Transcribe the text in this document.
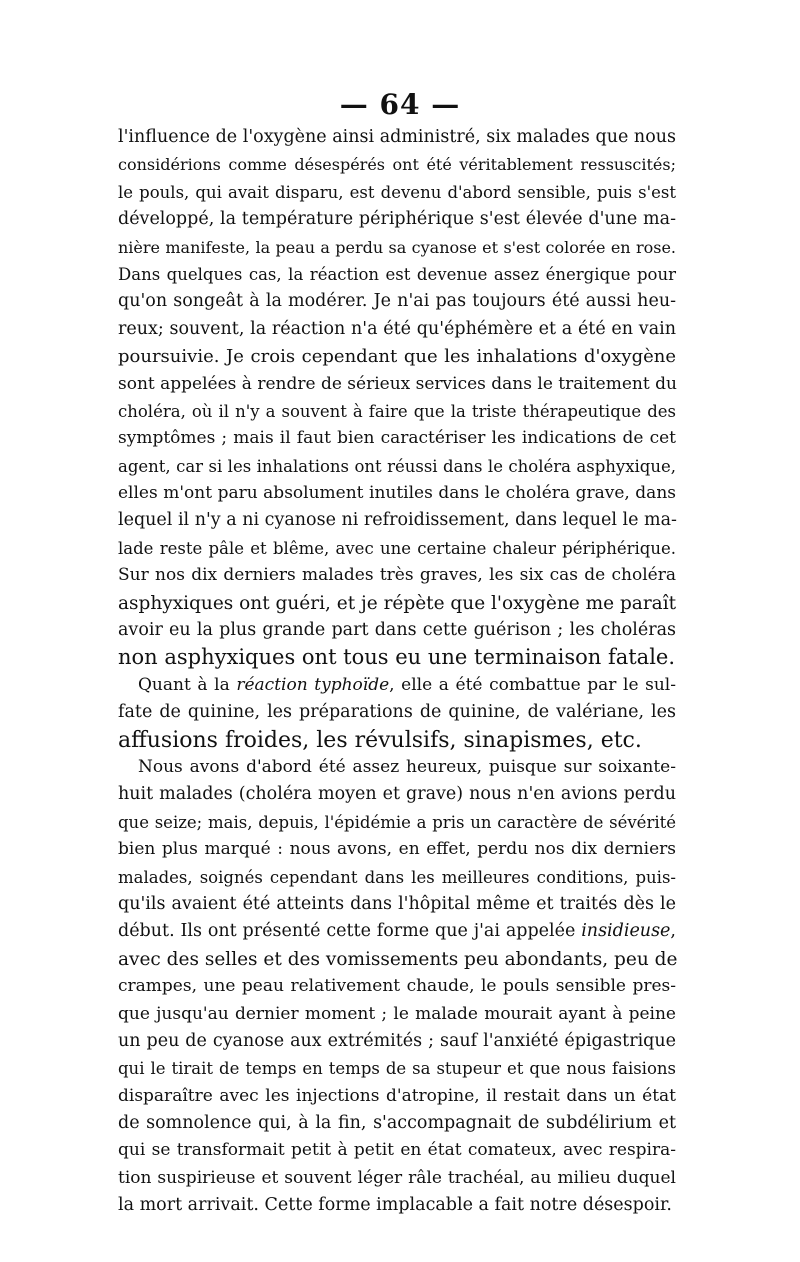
— 64 —
l'influence de l'oxygène ainsi administré, six malades que nous
considérions comme désespérés ont été véritablement ressuscités;
le pouls, qui avait disparu, est devenu d'abord sensible, puis s'est
développé, la température périphérique s'est élevée d'une ma-
nière manifeste, la peau a perdu sa cyanose et s'est colorée en rose.
Dans quelques cas, la réaction est devenue assez énergique pour
qu'on songeât à la modérer. Je n'ai pas toujours été aussi heu-
reux; souvent, la réaction n'a été qu'éphémère et a été en vain
poursuivie. Je crois cependant que les inhalations d'oxygène
sont appelées à rendre de sérieux services dans le traitement du
choléra, où il n'y a souvent à faire que la triste thérapeutique des
symptômes ; mais il faut bien caractériser les indications de cet
agent, car si les inhalations ont réussi dans le choléra asphyxique,
elles m'ont paru absolument inutiles dans le choléra grave, dans
lequel il n'y a ni cyanose ni refroidissement, dans lequel le ma-
lade reste pâle et blême, avec une certaine chaleur périphérique.
Sur nos dix derniers malades très graves, les six cas de choléra
asphyxiques ont guéri, et je répète que l'oxygène me paraît
avoir eu la plus grande part dans cette guérison ; les choléras
non asphyxiques ont tous eu une terminaison fatale.
Quant à la réaction typhoïde, elle a été combattue par le sul-
fate de quinine, les préparations de quinine, de valériane, les
affusions froides, les révulsifs, sinapismes, etc.
Nous avons d'abord été assez heureux, puisque sur soixante-
huit malades (choléra moyen et grave) nous n'en avions perdu
que seize; mais, depuis, l'épidémie a pris un caractère de sévérité
bien plus marqué : nous avons, en effet, perdu nos dix derniers
malades, soignés cependant dans les meilleures conditions, puis-
qu'ils avaient été atteints dans l'hôpital même et traités dès le
début. Ils ont présenté cette forme que j'ai appelée insidieuse,
avec des selles et des vomissements peu abondants, peu de
crampes, une peau relativement chaude, le pouls sensible pres-
que jusqu'au dernier moment ; le malade mourait ayant à peine
un peu de cyanose aux extrémités ; sauf l'anxiété épigastrique
qui le tirait de temps en temps de sa stupeur et que nous faisions
disparaître avec les injections d'atropine, il restait dans un état
de somnolence qui, à la fin, s'accompagnait de subdélirium et
qui se transformait petit à petit en état comateux, avec respira-
tion suspirieuse et souvent léger râle trachéal, au milieu duquel
la mort arrivait. Cette forme implacable a fait notre désespoir.
